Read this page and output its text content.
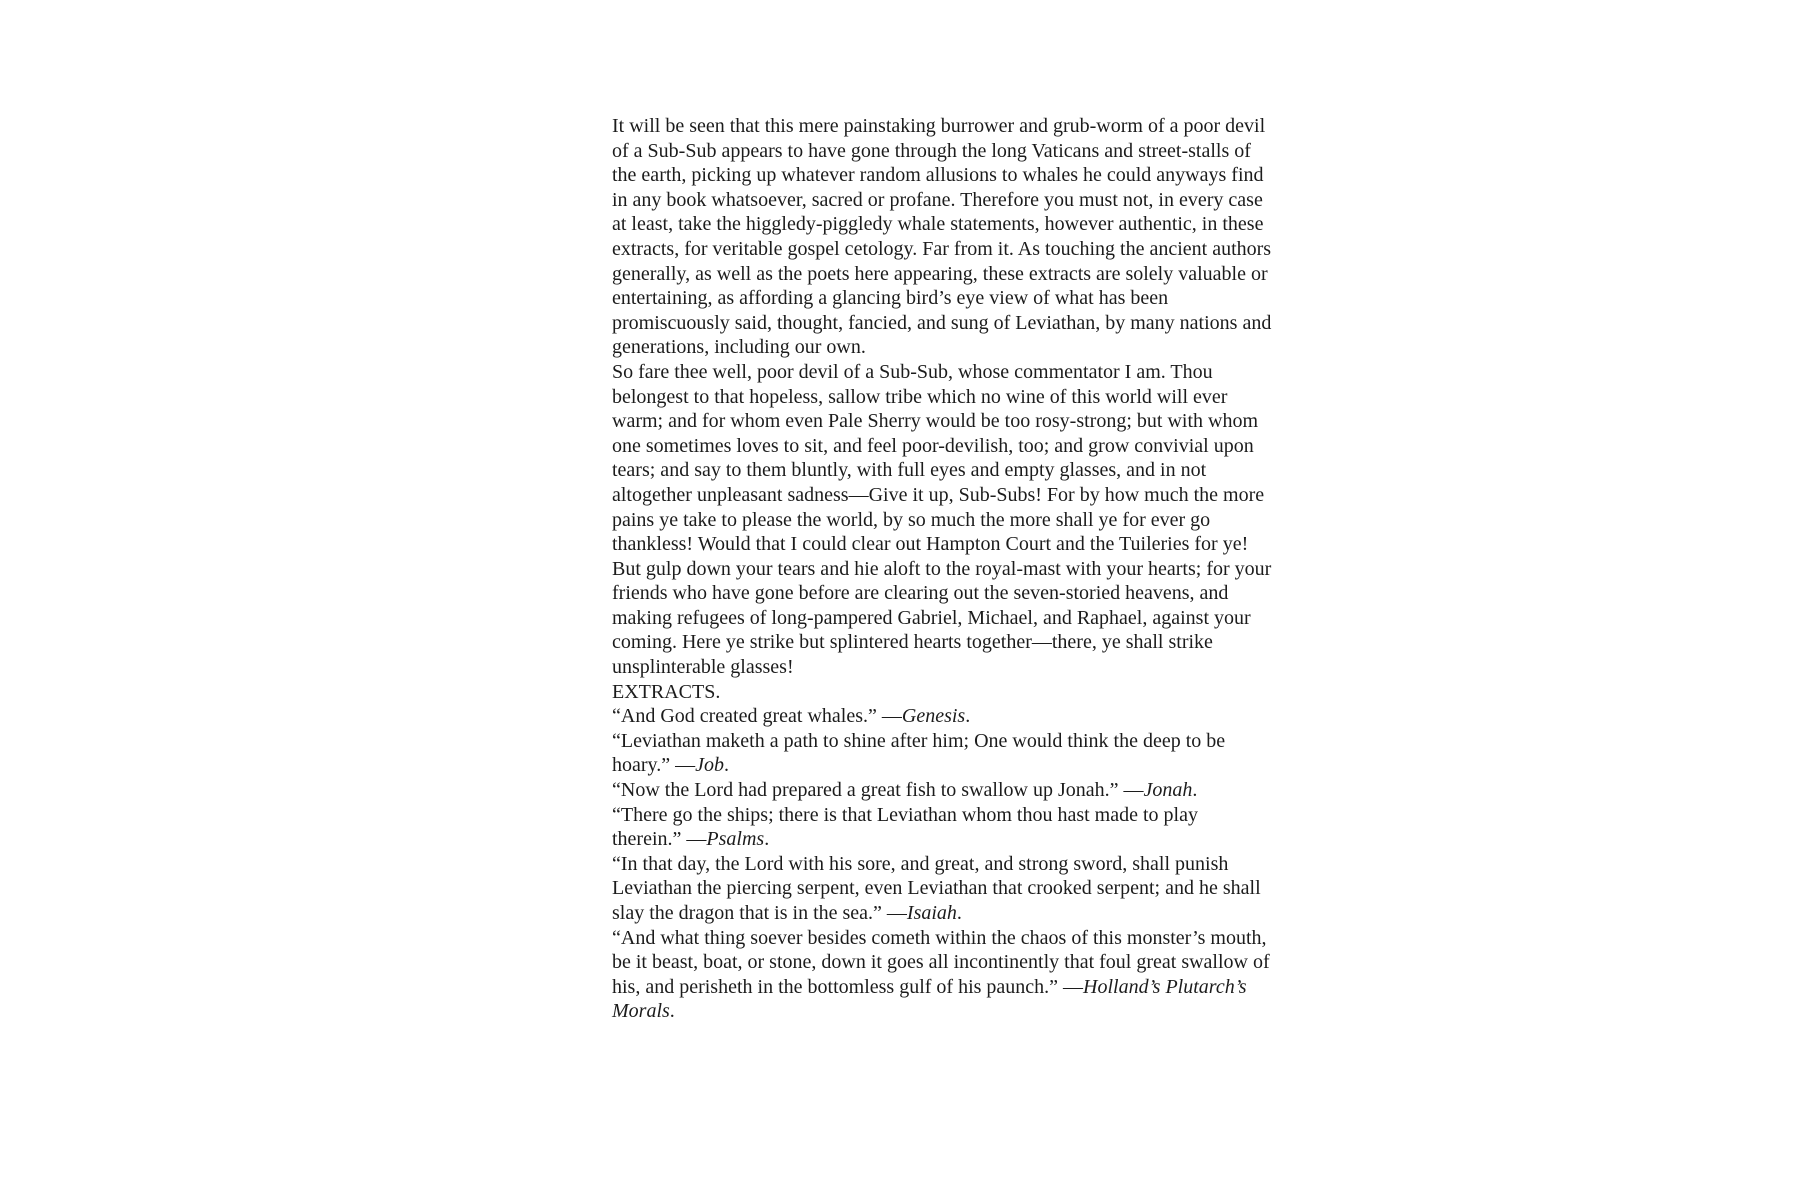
It will be seen that this mere painstaking burrower and grub-worm of a poor devil of a Sub-Sub appears to have gone through the long Vaticans and street-stalls of the earth, picking up whatever random allusions to whales he could anyways find in any book whatsoever, sacred or profane. Therefore you must not, in every case at least, take the higgledy-piggledy whale statements, however authentic, in these extracts, for veritable gospel cetology. Far from it. As touching the ancient authors generally, as well as the poets here appearing, these extracts are solely valuable or entertaining, as affording a glancing bird’s eye view of what has been promiscuously said, thought, fancied, and sung of Leviathan, by many nations and generations, including our own.

So fare thee well, poor devil of a Sub-Sub, whose commentator I am. Thou belongest to that hopeless, sallow tribe which no wine of this world will ever warm; and for whom even Pale Sherry would be too rosy-strong; but with whom one sometimes loves to sit, and feel poor-devilish, too; and grow convivial upon tears; and say to them bluntly, with full eyes and empty glasses, and in not altogether unpleasant sadness—Give it up, Sub-Subs! For by how much the more pains ye take to please the world, by so much the more shall ye for ever go thankless! Would that I could clear out Hampton Court and the Tuileries for ye! But gulp down your tears and hie aloft to the royal-mast with your hearts; for your friends who have gone before are clearing out the seven-storied heavens, and making refugees of long-pampered Gabriel, Michael, and Raphael, against your coming. Here ye strike but splintered hearts together—there, ye shall strike unsplinterable glasses!

EXTRACTS.

“And God created great whales.” —Genesis.

“Leviathan maketh a path to shine after him; One would think the deep to be hoary.” —Job.

“Now the Lord had prepared a great fish to swallow up Jonah.” —Jonah.

“There go the ships; there is that Leviathan whom thou hast made to play therein.” —Psalms.

“In that day, the Lord with his sore, and great, and strong sword, shall punish Leviathan the piercing serpent, even Leviathan that crooked serpent; and he shall slay the dragon that is in the sea.” —Isaiah.

“And what thing soever besides cometh within the chaos of this monster’s mouth, be it beast, boat, or stone, down it goes all incontinently that foul great swallow of his, and perisheth in the bottomless gulf of his paunch.” —Holland’s Plutarch’s Morals.
